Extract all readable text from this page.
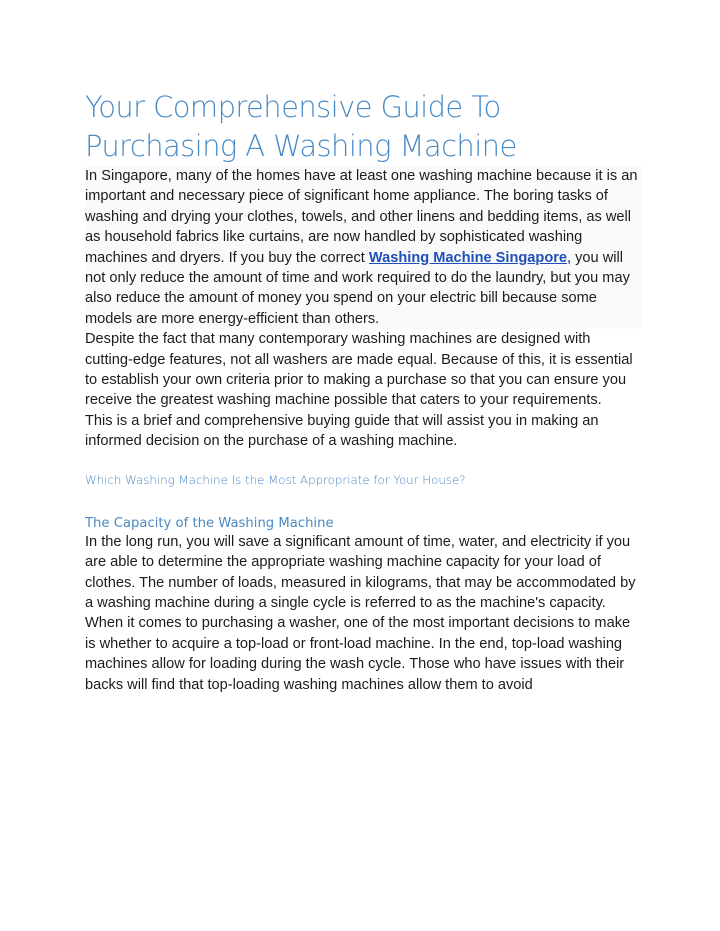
Your Comprehensive Guide To Purchasing A Washing Machine

In Singapore, many of the homes have at least one washing machine because it is an important and necessary piece of significant home appliance. The boring tasks of washing and drying your clothes, towels, and other linens and bedding items, as well as household fabrics like curtains, are now handled by sophisticated washing machines and dryers. If you buy the correct Washing Machine Singapore, you will not only reduce the amount of time and work required to do the laundry, but you may also reduce the amount of money you spend on your electric bill because some models are more energy-efficient than others.

Despite the fact that many contemporary washing machines are designed with cutting-edge features, not all washers are made equal. Because of this, it is essential to establish your own criteria prior to making a purchase so that you can ensure you receive the greatest washing machine possible that caters to your requirements.

This is a brief and comprehensive buying guide that will assist you in making an informed decision on the purchase of a washing machine.

Which Washing Machine Is the Most Appropriate for Your House?
The Capacity of the Washing Machine

In the long run, you will save a significant amount of time, water, and electricity if you are able to determine the appropriate washing machine capacity for your load of clothes. The number of loads, measured in kilograms, that may be accommodated by a washing machine during a single cycle is referred to as the machine's capacity.

When it comes to purchasing a washer, one of the most important decisions to make is whether to acquire a top-load or front-load machine. In the end, top-load washing machines allow for loading during the wash cycle. Those who have issues with their backs will find that top-loading washing machines allow them to avoid
